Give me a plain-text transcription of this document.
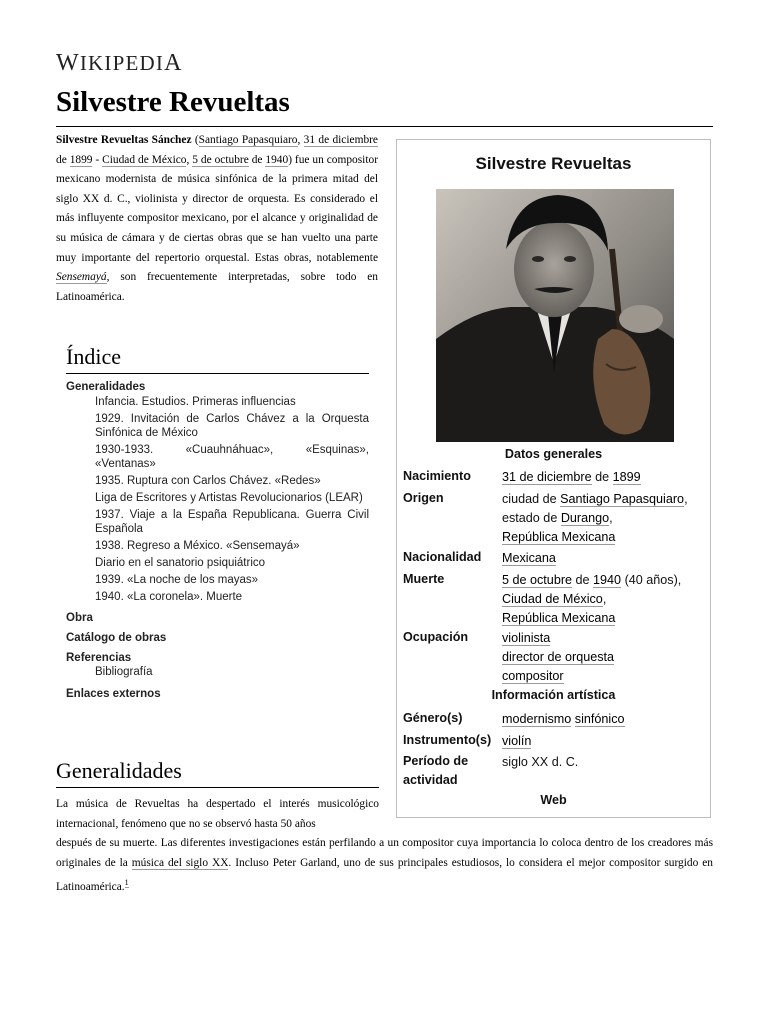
WIKIPEDIA
Silvestre Revueltas

Silvestre Revueltas Sánchez (Santiago Papasquiaro, 31 de diciembre de 1899 - Ciudad de México, 5 de octubre de 1940) fue un compositor mexicano modernista de música sinfónica de la primera mitad del siglo XX d. C., violinista y director de orquesta. Es considerado el más influyente compositor mexicano, por el alcance y originalidad de su música de cámara y de ciertas obras que se han vuelto una parte muy importante del repertorio orquestal. Estas obras, notablemente Sensemayá, son frecuentemente interpretadas, sobre todo en Latinoamérica.

Índice
Generalidades
Infancia. Estudios. Primeras influencias
1929. Invitación de Carlos Chávez a la Orquesta Sinfónica de México
1930-1933. «Cuauhnáhuac», «Esquinas», «Ventanas»
1935. Ruptura con Carlos Chávez. «Redes»
Liga de Escritores y Artistas Revolucionarios (LEAR)
1937. Viaje a la España Republicana. Guerra Civil Española
1938. Regreso a México. «Sensemayá»
Diario en el sanatorio psiquiátrico
1939. «La noche de los mayas»
1940. «La coronela». Muerte
Obra
Catálogo de obras
Referencias
Bibliografía
Enlaces externos
Generalidades

La música de Revueltas ha despertado el interés musicológico internacional, fenómeno que no se observó hasta 50 años

después de su muerte. Las diferentes investigaciones están perfilando a un compositor cuya importancia lo coloca dentro de los creadores más originales de la música del siglo XX. Incluso Peter Garland, uno de sus principales estudiosos, lo considera el mejor compositor surgido en Latinoamérica.$^1$

Silvestre Revueltas
Datos generales
Nacimiento 31 de diciembre de 1899
Origen	ciudad de Santiago Papasquiaro,
estado de Durango,
República Mexicana
Nacionalidad Mexicana
Muerte	5 de octubre de 1940 (40 años),
Ciudad de México,
República Mexicana
Ocupación	violinista
director de orquesta
compositor
Información artística
Género(s)	modernismo sinfónico
Instrumento(s) violín
Período de
actividad
siglo XX d. C.
Web
